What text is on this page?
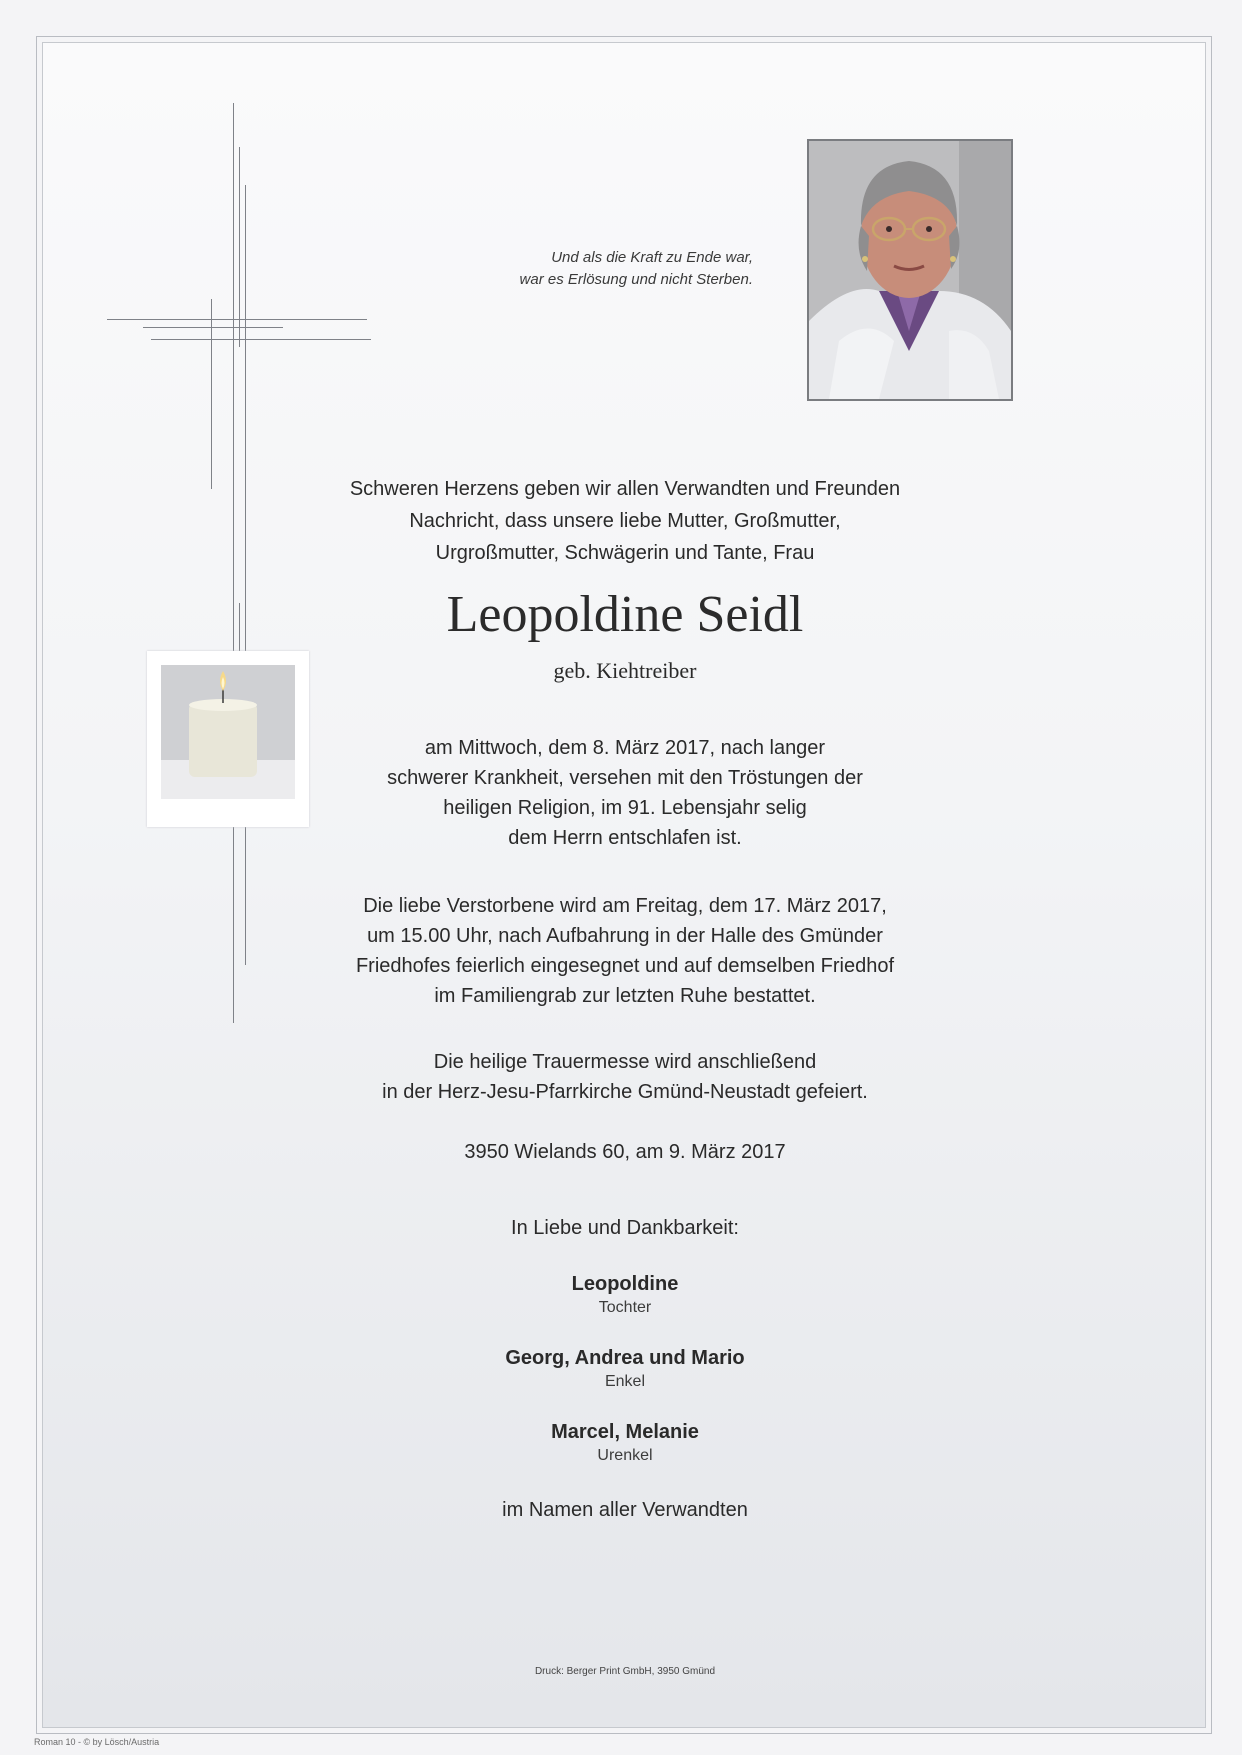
Und als die Kraft zu Ende war,
war es Erlösung und nicht Sterben.
Schweren Herzens geben wir allen Verwandten und Freunden
Nachricht, dass unsere liebe Mutter, Großmutter,
Urgroßmutter, Schwägerin und Tante, Frau
Leopoldine Seidl
geb. Kiehtreiber
am Mittwoch, dem 8. März 2017, nach langer
schwerer Krankheit, versehen mit den Tröstungen der
heiligen Religion, im 91. Lebensjahr selig
dem Herrn entschlafen ist.
Die liebe Verstorbene wird am Freitag, dem 17. März 2017,
um 15.00 Uhr, nach Aufbahrung in der Halle des Gmünder
Friedhofes feierlich eingesegnet und auf demselben Friedhof
im Familiengrab zur letzten Ruhe bestattet.
Die heilige Trauermesse wird anschließend
in der Herz-Jesu-Pfarrkirche Gmünd-Neustadt gefeiert.
3950 Wielands 60, am 9. März 2017
In Liebe und Dankbarkeit:
Leopoldine
Tochter
Georg, Andrea und Mario
Enkel
Marcel, Melanie
Urenkel
im Namen aller Verwandten
Druck: Berger Print GmbH, 3950 Gmünd
Roman 10 - © by Lösch/Austria
